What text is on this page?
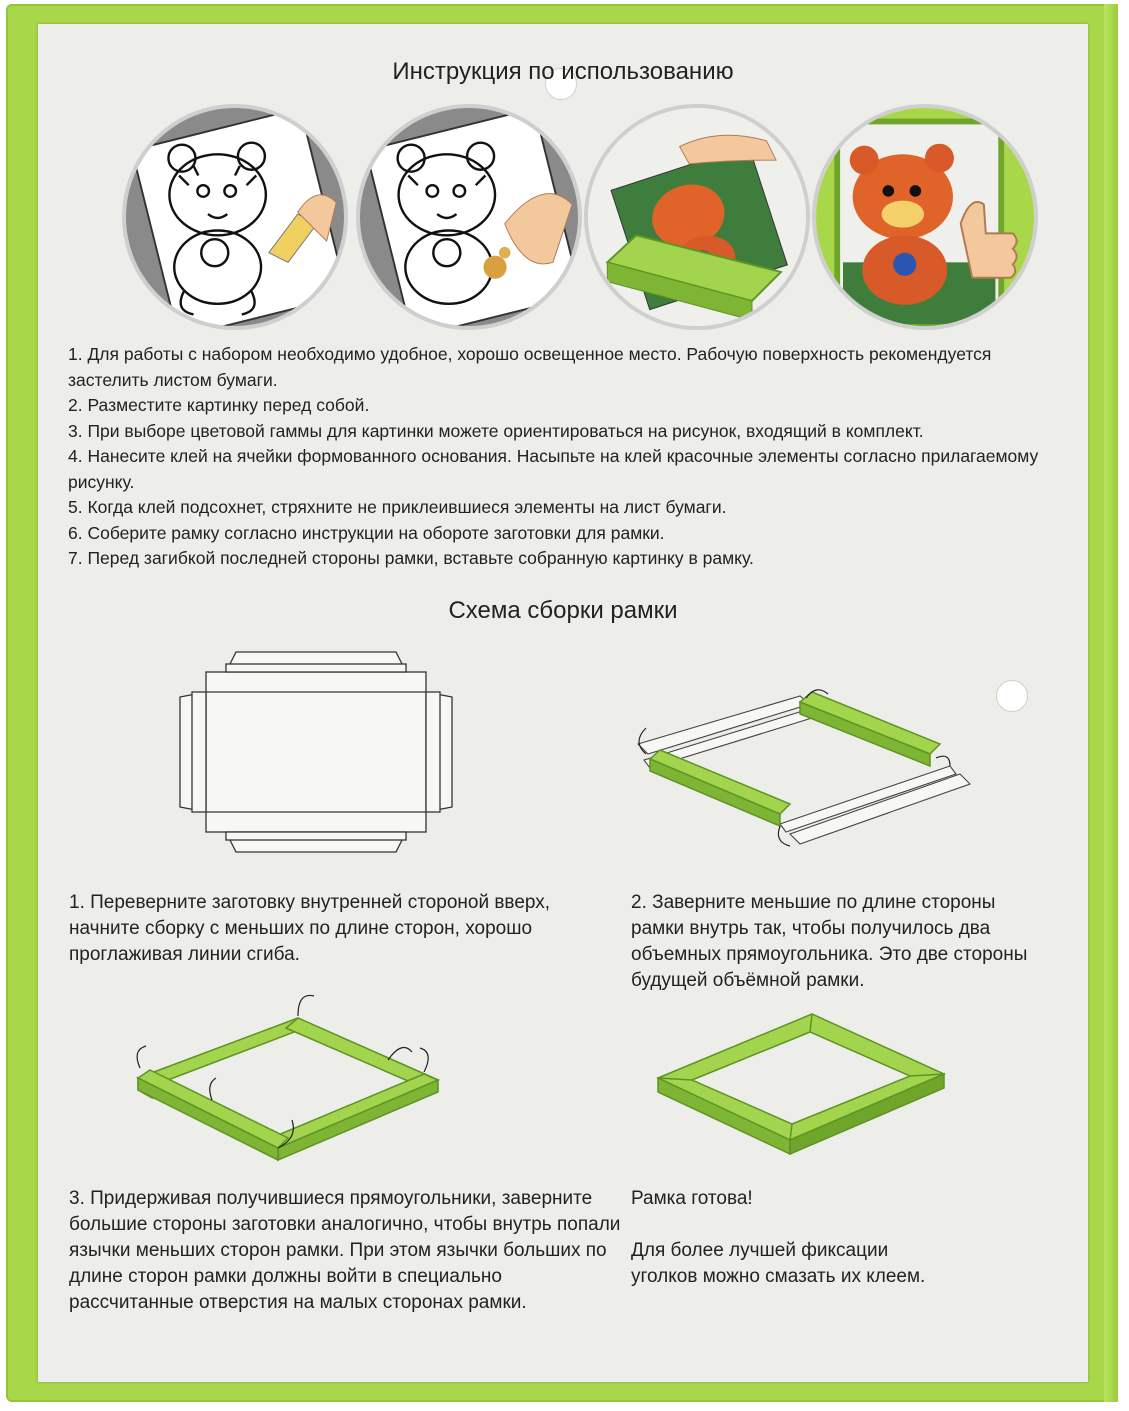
Инструкция по использованию
1. Для работы с набором необходимо удобное, хорошо освещенное место. Рабочую поверхность рекомендуется застелить листом бумаги.
2. Разместите картинку перед собой.
3. При выборе цветовой гаммы для картинки можете ориентироваться на рисунок, входящий в комплект.
4. Нанесите клей на ячейки формованного основания. Насыпьте на клей красочные элементы согласно прилагаемому рисунку.
5. Когда клей подсохнет, стряхните не приклеившиеся элементы на лист бумаги.
6. Соберите рамку согласно инструкции на обороте заготовки для рамки.
7. Перед загибкой последней стороны рамки, вставьте собранную картинку в рамку.
Схема сборки рамки
1. Переверните заготовку внутренней стороной вверх, начните сборку с меньших по длине сторон, хорошо проглаживая линии сгиба.
2. Заверните меньшие по длине стороны рамки внутрь так, чтобы получилось два объемных прямоугольника. Это две стороны будущей объёмной рамки.
3. Придерживая получившиеся прямоугольники, заверните большие стороны заготовки аналогично, чтобы внутрь попали язычки меньших сторон рамки. При этом язычки больших по длине сторон рамки должны войти в специально рассчитанные отверстия на малых сторонах рамки.
Рамка готова!
Для более лучшей фиксации уголков можно смазать их клеем.
